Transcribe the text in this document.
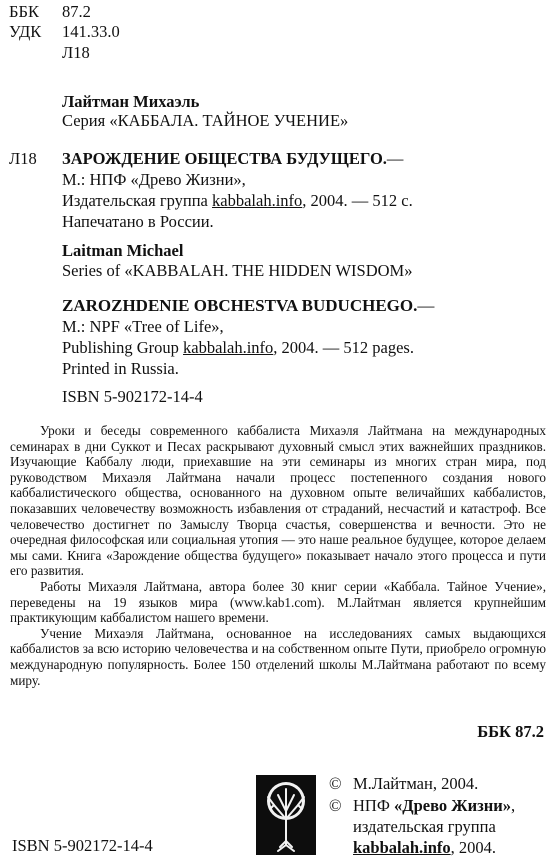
ББК 87.2
УДК 141.33.0
Л18
Лайтман Михаэль
Серия «КАББАЛА. ТАЙНОЕ УЧЕНИЕ»
Л18 ЗАРОЖДЕНИЕ ОБЩЕСТВА БУДУЩЕГО.—
М.: НПФ «Древо Жизни»,
Издательская группа kabbalah.info, 2004. — 512 с.
Напечатано в России.
Laitman Michael
Series of «KABBALAH. THE HIDDEN WISDOM»
ZAROZHDENIE OBCHESTVA BUDUCHEGO.—
M.: NPF «Tree of Life»,
Publishing Group kabbalah.info, 2004. — 512 pages.
Printed in Russia.
ISBN 5-902172-14-4

Уроки и беседы современного каббалиста Михаэля Лайтмана на международных семинарах в дни Суккот и Песах раскрывают духовный смысл этих важнейших праздников. Изучающие Каббалу люди, приехавшие на эти семинары из многих стран мира, под руководством Михаэля Лайтмана начали процесс постепенного создания нового каббалистического общества, основанного на духовном опыте величайших каббалистов, показавших человечеству возможность избавления от страданий, несчастий и катастроф. Все человечество достигнет по Замыслу Творца счастья, совершенства и вечности. Это не очередная философская или социальная утопия — это наше реальное будущее, которое делаем мы сами. Книга «Зарождение общества будущего» показывает начало этого процесса и пути его развития.

Работы Михаэля Лайтмана, автора более 30 книг серии «Каббала. Тайное Учение», переведены на 19 языков мира (www.kab1.com). М.Лайтман является крупнейшим практикующим каббалистом нашего времени.

Учение Михаэля Лайтмана, основанное на исследованиях самых выдающихся каббалистов за всю историю человечества и на собственном опыте Пути, приобрело огромную международную популярность. Более 150 отделений школы М.Лайтмана работают по всему миру.

ББК 87.2
ISBN 5-902172-14-4
© М.Лайтман, 2004.
© НПФ «Древо Жизни»,
издательская группа
kabbalah.info, 2004.
